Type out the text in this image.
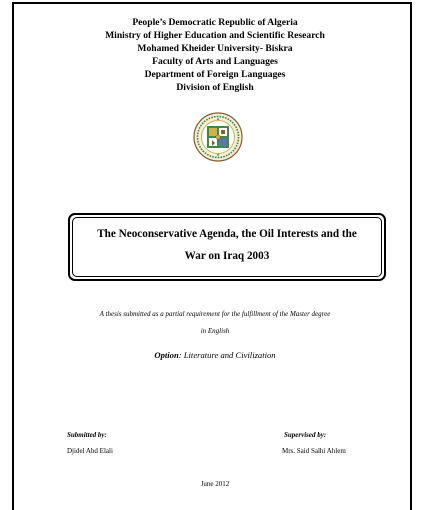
People’s Democratic Republic of Algeria
Ministry of Higher Education and Scientific Research
Mohamed Kheider University- Biskra
Faculty of Arts and Languages
Department of Foreign Languages
Division of English
The Neoconservative Agenda, the Oil Interests and the
War on Iraq 2003
A thesis submitted as a partial requirement for the fulfillment of the Master degree
in English
Option: Literature and Civilization
Submitted by:
Djidel Abd Elali
Supervised by:
Mrs. Said Salhi Ahlem
June 2012
